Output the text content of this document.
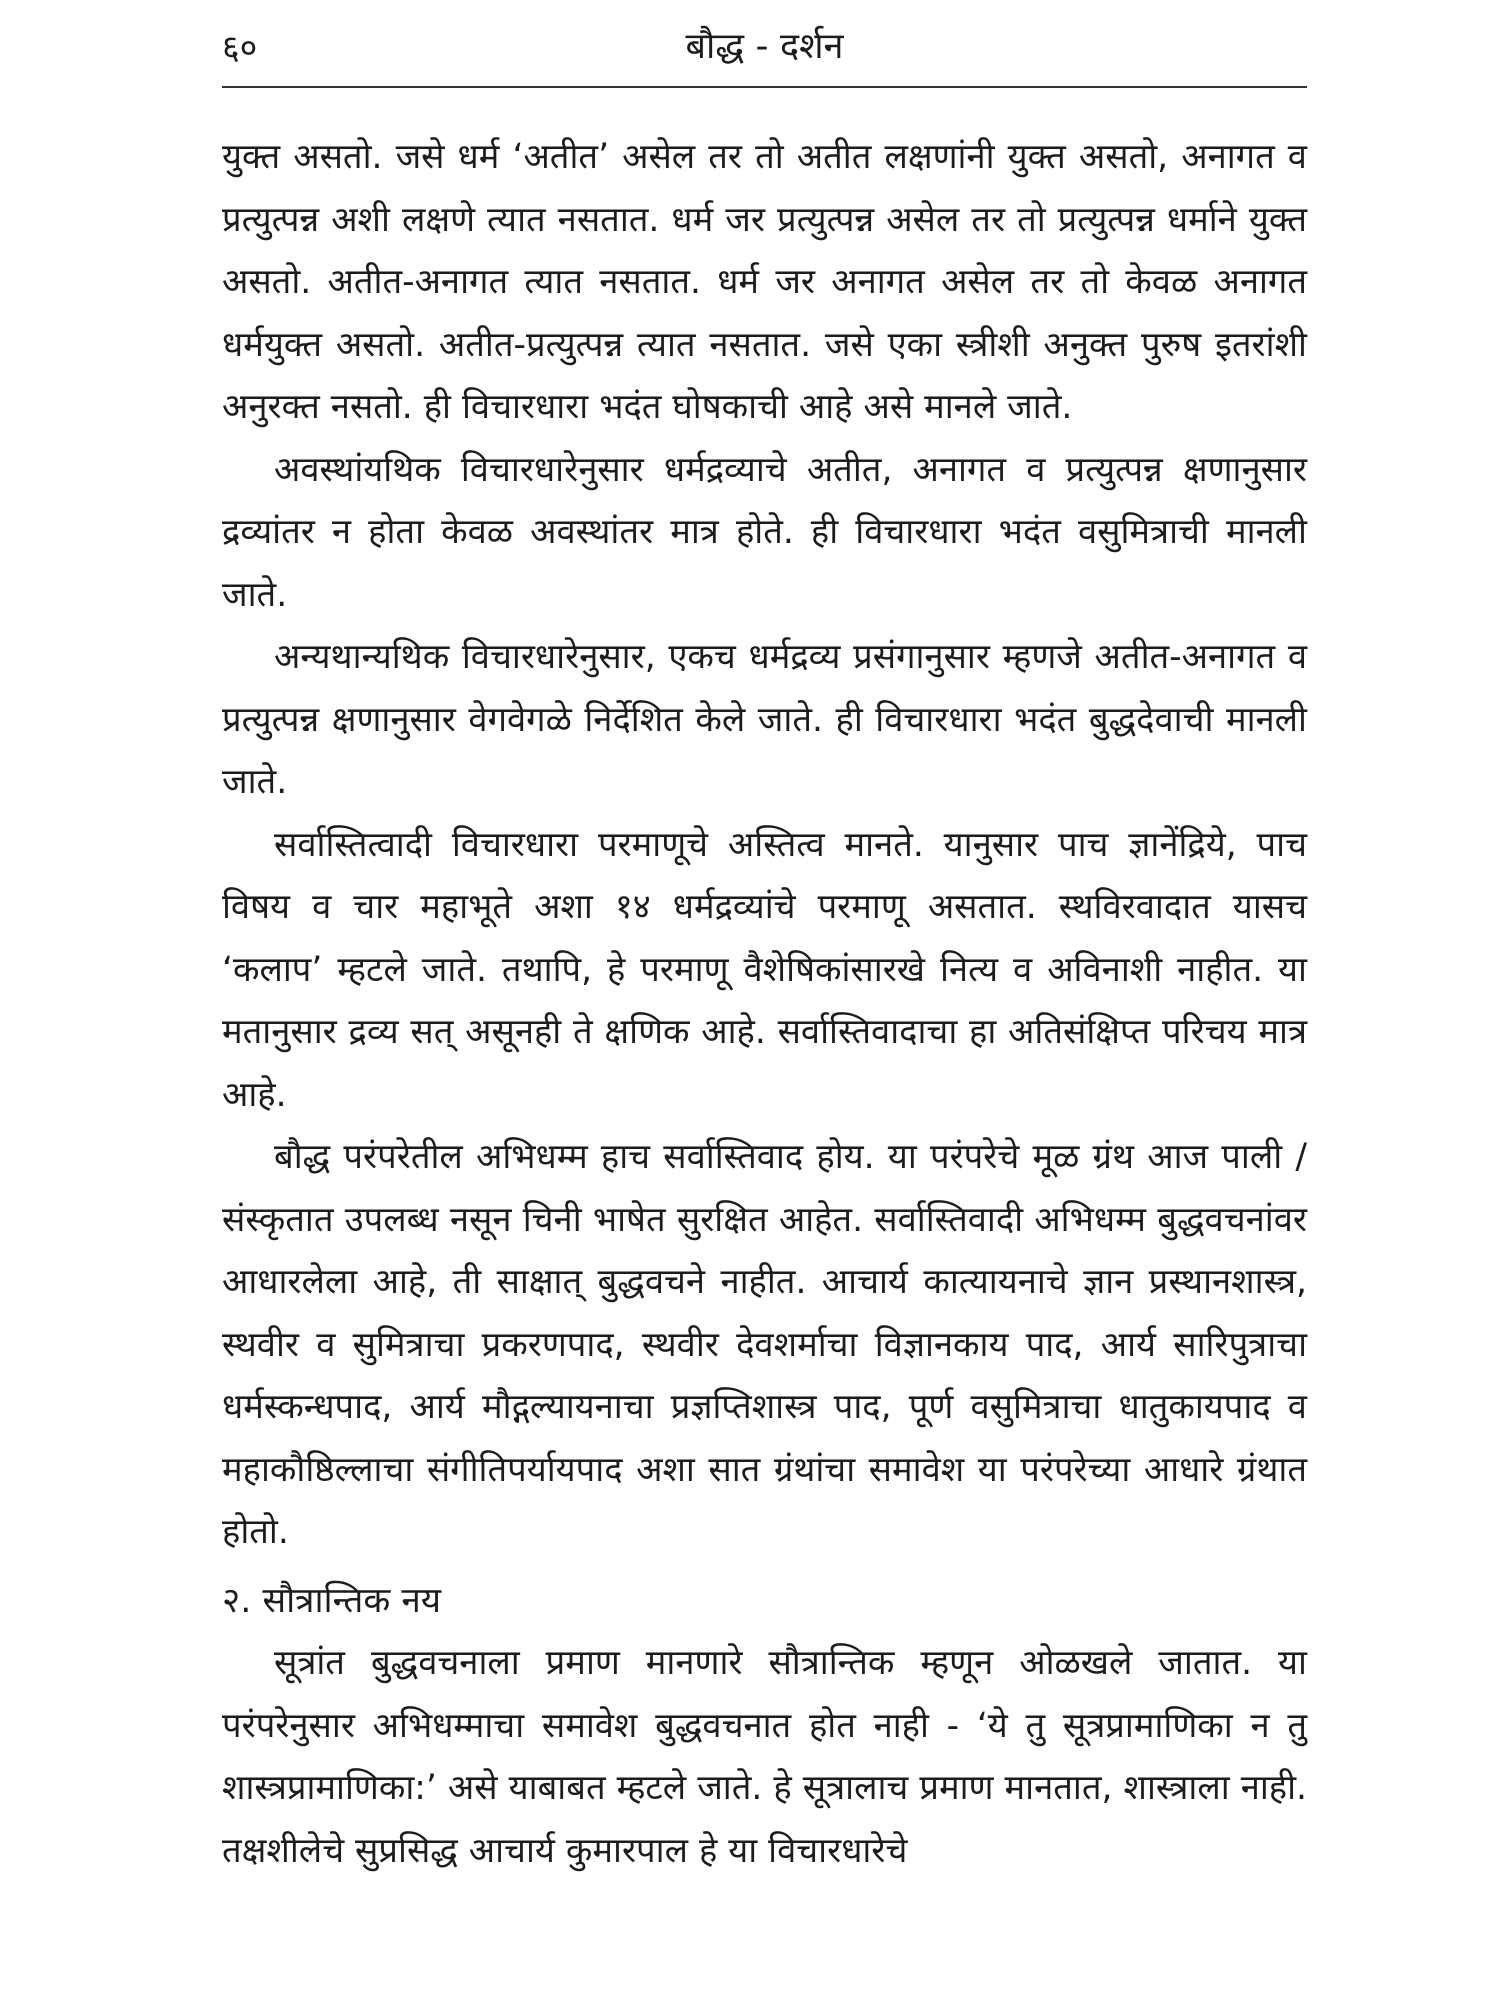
६०	बौद्ध - दर्शन

युक्त असतो. जसे धर्म ‘अतीत’ असेल तर तो अतीत लक्षणांनी युक्त असतो, अनागत व प्रत्युत्पन्न अशी लक्षणे त्यात नसतात. धर्म जर प्रत्युत्पन्न असेल तर तो प्रत्युत्पन्न धर्माने युक्त असतो. अतीत-अनागत त्यात नसतात. धर्म जर अनागत असेल तर तो केवळ अनागत धर्मयुक्त असतो. अतीत-प्रत्युत्पन्न त्यात नसतात. जसे एका स्त्रीशी अनुक्त पुरुष इतरांशी अनुरक्त नसतो. ही विचारधारा भदंत घोषकाची आहे असे मानले जाते.

अवस्थांयथिक विचारधारेनुसार धर्मद्रव्याचे अतीत, अनागत व प्रत्युत्पन्न क्षणानुसार द्रव्यांतर न होता केवळ अवस्थांतर मात्र होते. ही विचारधारा भदंत वसुमित्राची मानली जाते.

अन्यथान्यथिक विचारधारेनुसार, एकच धर्मद्रव्य प्रसंगानुसार म्हणजे अतीत-अनागत व प्रत्युत्पन्न क्षणानुसार वेगवेगळे निर्देशित केले जाते. ही विचारधारा भदंत बुद्धदेवाची मानली जाते.

सर्वास्तित्वादी विचारधारा परमाणूचे अस्तित्व मानते. यानुसार पाच ज्ञानेंद्रिये, पाच विषय व चार महाभूते अशा १४ धर्मद्रव्यांचे परमाणू असतात. स्थविरवादात यासच ‘कलाप’ म्हटले जाते. तथापि, हे परमाणू वैशेषिकांसारखे नित्य व अविनाशी नाहीत. या मतानुसार द्रव्य सत् असूनही ते क्षणिक आहे. सर्वास्तिवादाचा हा अतिसंक्षिप्त परिचय मात्र आहे.

बौद्ध परंपरेतील अभिधम्म हाच सर्वास्तिवाद होय. या परंपरेचे मूळ ग्रंथ आज पाली / संस्कृतात उपलब्ध नसून चिनी भाषेत सुरक्षित आहेत. सर्वास्तिवादी अभिधम्म बुद्धवचनांवर आधारलेला आहे, ती साक्षात् बुद्धवचने नाहीत. आचार्य कात्यायनाचे ज्ञान प्रस्थानशास्त्र, स्थवीर व सुमित्राचा प्रकरणपाद, स्थवीर देवशर्माचा विज्ञानकाय पाद, आर्य सारिपुत्राचा धर्मस्कन्धपाद, आर्य मौद्गल्यायनाचा प्रज्ञप्तिशास्त्र पाद, पूर्ण वसुमित्राचा धातुकायपाद व महाकौष्ठिल्लाचा संगीतिपर्यायपाद अशा सात ग्रंथांचा समावेश या परंपरेच्या आधारे ग्रंथात होतो.

२. सौत्रान्तिक नय

सूत्रांत बुद्धवचनाला प्रमाण मानणारे सौत्रान्तिक म्हणून ओळखले जातात. या परंपरेनुसार अभिधम्माचा समावेश बुद्धवचनात होत नाही - ‘ये तु सूत्रप्रामाणिका न तु शास्त्रप्रामाणिका:’ असे याबाबत म्हटले जाते. हे सूत्रालाच प्रमाण मानतात, शास्त्राला नाही. तक्षशीलेचे सुप्रसिद्ध आचार्य कुमारपाल हे या विचारधारेचे
